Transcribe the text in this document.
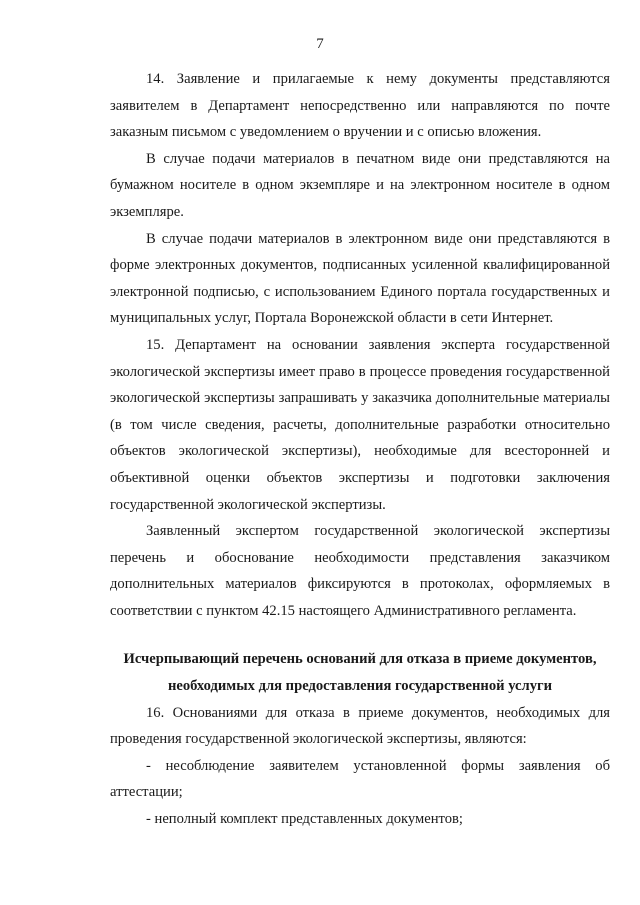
7

14. Заявление и прилагаемые к нему документы представляются заявителем в Департамент непосредственно или направляются по почте заказным письмом с уведомлением о вручении и с описью вложения.

В случае подачи материалов в печатном виде они представляются на бумажном носителе в одном экземпляре и на электронном носителе в одном экземпляре.

В случае подачи материалов в электронном виде они представляются в форме электронных документов, подписанных усиленной квалифицированной электронной подписью, с использованием Единого портала государственных и муниципальных услуг, Портала Воронежской области в сети Интернет.

15. Департамент на основании заявления эксперта государственной экологической экспертизы имеет право в процессе проведения государственной экологической экспертизы запрашивать у заказчика дополнительные материалы (в том числе сведения, расчеты, дополнительные разработки относительно объектов экологической экспертизы), необходимые для всесторонней и объективной оценки объектов экспертизы и подготовки заключения государственной экологической экспертизы.

Заявленный экспертом государственной экологической экспертизы перечень и обоснование необходимости представления заказчиком дополнительных материалов фиксируются в протоколах, оформляемых в соответствии с пунктом 42.15 настоящего Административного регламента.

Исчерпывающий перечень оснований для отказа в приеме документов, необходимых для предоставления государственной услуги

16. Основаниями для отказа в приеме документов, необходимых для проведения государственной экологической экспертизы, являются:

- несоблюдение заявителем установленной формы заявления об аттестации;

- неполный комплект представленных документов;
